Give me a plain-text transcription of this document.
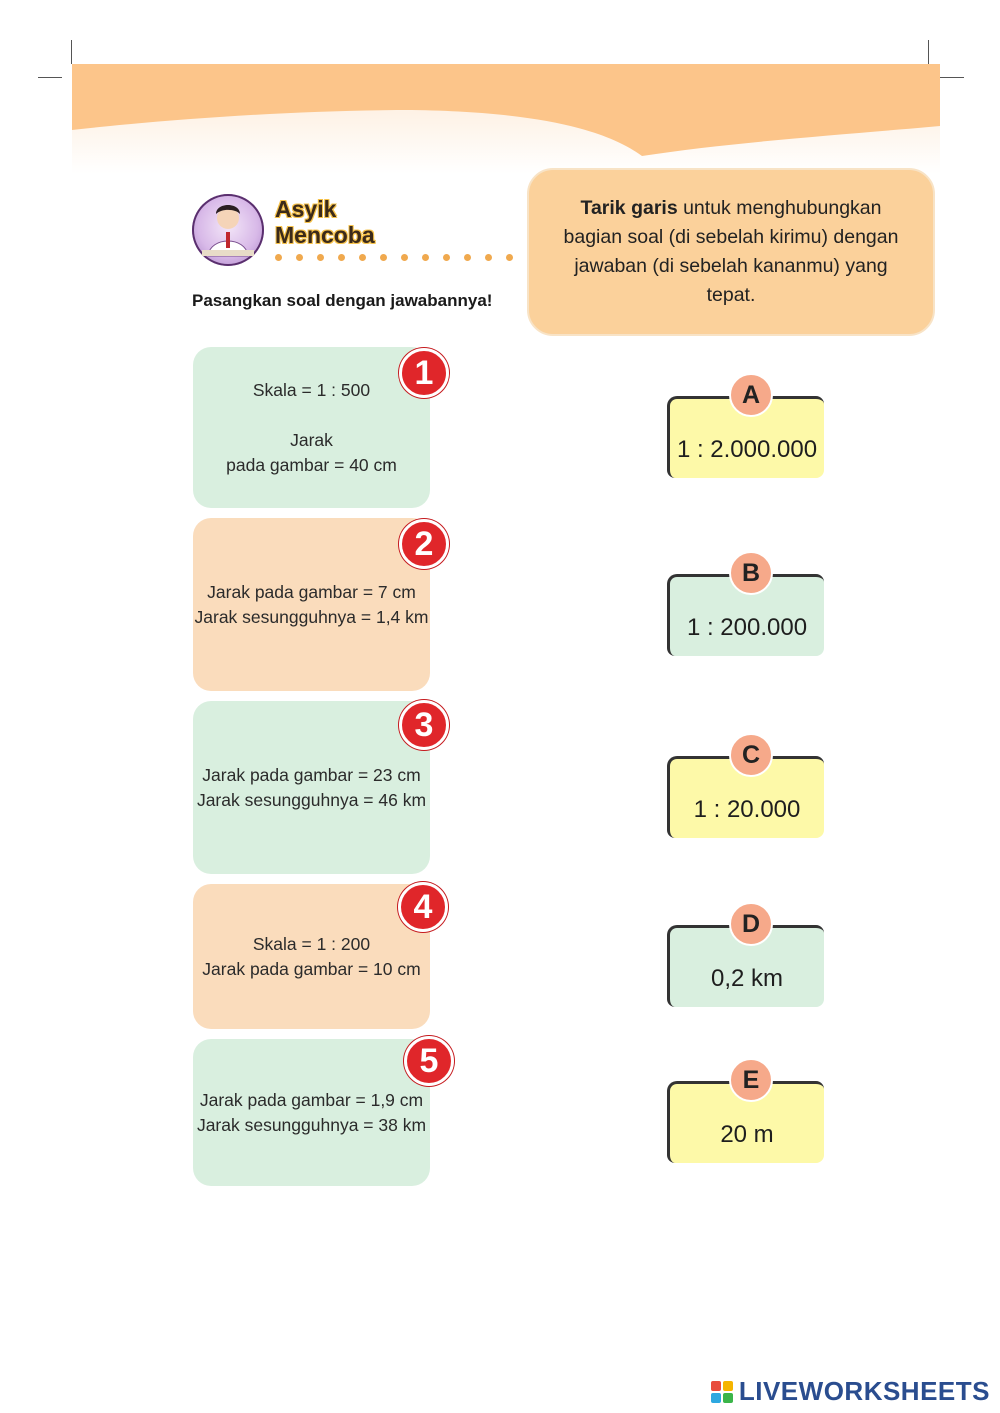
Asyik
Mencoba
Pasangkan soal dengan jawabannya!
Tarik garis untuk menghubungkan bagian soal (di sebelah kirimu) dengan jawaban (di sebelah kananmu) yang tepat.
Skala = 1 : 500

Jarak
pada gambar = 40 cm
1
Jarak pada gambar = 7 cm
Jarak sesungguhnya = 1,4 km
2
Jarak pada gambar = 23 cm
Jarak sesungguhnya = 46 km
3
Skala = 1 : 200
Jarak pada gambar = 10 cm
4
Jarak pada gambar = 1,9 cm
Jarak sesungguhnya = 38 km
5
A
1 : 2.000.000
B
1 : 200.000
C
1 : 20.000
D
0,2 km
E
20 m
LIVEWORKSHEETS
